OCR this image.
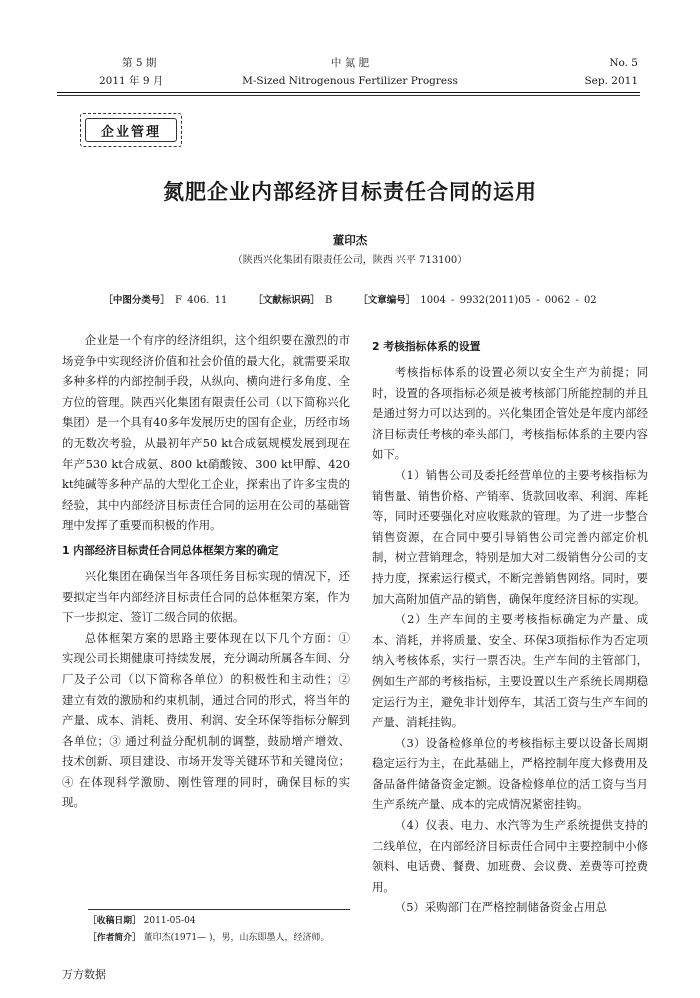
第 5 期
2011 年 9 月
中 氮 肥
M-Sized Nitrogenous Fertilizer Progress
No. 5
Sep. 2011
企业管理
氮肥企业内部经济目标责任合同的运用
董印杰
（陕西兴化集团有限责任公司，陕西 兴平 713100）
［中图分类号］ F 406. 11	［文献标识码］ B	［文章编号］ 1004 - 9932(2011)05 - 0062 - 02

企业是一个有序的经济组织，这个组织要在激烈的市场竞争中实现经济价值和社会价值的最大化，就需要采取多种多样的内部控制手段，从纵向、横向进行多角度、全方位的管理。陕西兴化集团有限责任公司（以下简称兴化集团）是一个具有40多年发展历史的国有企业，历经市场的无数次考验，从最初年产50 kt合成氨规模发展到现在年产530 kt合成氨、800 kt硝酸铵、300 kt甲醇、420 kt纯碱等多种产品的大型化工企业，探索出了许多宝贵的经验，其中内部经济目标责任合同的运用在公司的基础管理中发挥了重要而积极的作用。

1 内部经济目标责任合同总体框架方案的确定

兴化集团在确保当年各项任务目标实现的情况下，还要拟定当年内部经济目标责任合同的总体框架方案，作为下一步拟定、签订二级合同的依据。

总体框架方案的思路主要体现在以下几个方面：① 实现公司长期健康可持续发展，充分调动所属各车间、分厂及子公司（以下简称各单位）的积极性和主动性；② 建立有效的激励和约束机制，通过合同的形式，将当年的产量、成本、消耗、费用、利润、安全环保等指标分解到各单位；③ 通过利益分配机制的调整，鼓励增产增效、技术创新、项目建设、市场开发等关键环节和关键岗位；④ 在体现科学激励、刚性管理的同时，确保目标的实现。

［收稿日期］ 2011-05-04
［作者简介］ 董印杰(1971— )，男，山东即墨人，经济师。
2 考核指标体系的设置

考核指标体系的设置必须以安全生产为前提；同时，设置的各项指标必须是被考核部门所能控制的并且是通过努力可以达到的。兴化集团企管处是年度内部经济目标责任考核的牵头部门，考核指标体系的主要内容如下。

（1）销售公司及委托经营单位的主要考核指标为销售量、销售价格、产销率、货款回收率、利润、库耗等，同时还要强化对应收账款的管理。为了进一步整合销售资源，在合同中要引导销售公司完善内部定价机制，树立营销理念，特别是加大对二级销售分公司的支持力度，探索运行模式，不断完善销售网络。同时，要加大高附加值产品的销售，确保年度经济目标的实现。

（2）生产车间的主要考核指标确定为产量、成本、消耗，并将质量、安全、环保3项指标作为否定项纳入考核体系，实行一票否决。生产车间的主管部门，例如生产部的考核指标，主要设置以生产系统长周期稳定运行为主，避免非计划停车，其活工资与生产车间的产量、消耗挂钩。

（3）设备检修单位的考核指标主要以设备长周期稳定运行为主，在此基础上，严格控制年度大修费用及备品备件储备资金定额。设备检修单位的活工资与当月生产系统产量、成本的完成情况紧密挂钩。

（4）仪表、电力、水汽等为生产系统提供支持的二线单位，在内部经济目标责任合同中主要控制中小修领料、电话费、餐费、加班费、会议费、差费等可控费用。

（5）采购部门在严格控制储备资金占用总

万方数据
